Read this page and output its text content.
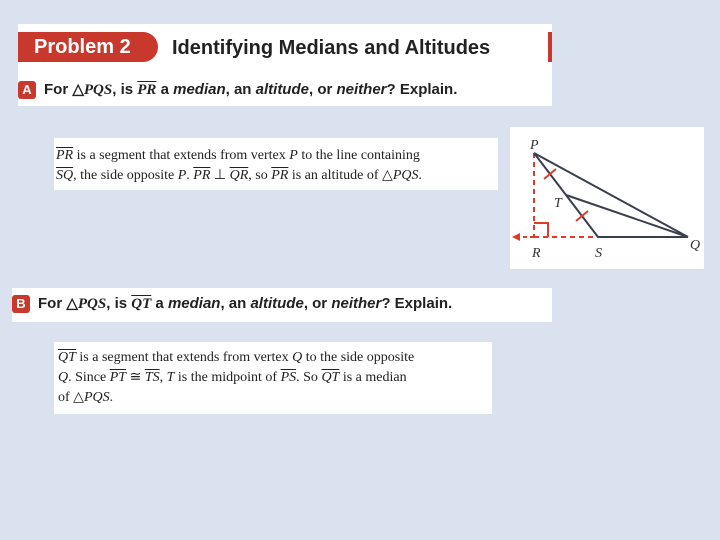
Problem 2	Identifying Medians and Altitudes
A For △PQS, is $\overline{PR}$ a median, an altitude, or neither? Explain.
$\overline{PR}$ is a segment that extends from vertex P to the line containing
$\overline{SQ}$, the side opposite P. $\overline{PR}$ ⊥ $\overline{QR}$, so $\overline{PR}$ is an altitude of △PQS.
P
T
Q
R	S
B For △PQS, is $\overline{QT}$ a median, an altitude, or neither? Explain.
$\overline{QT}$ is a segment that extends from vertex Q to the side opposite
Q. Since $\overline{PT}$ ≅ $\overline{TS}$, T is the midpoint of $\overline{PS}$. So $\overline{QT}$ is a median
of △PQS.
